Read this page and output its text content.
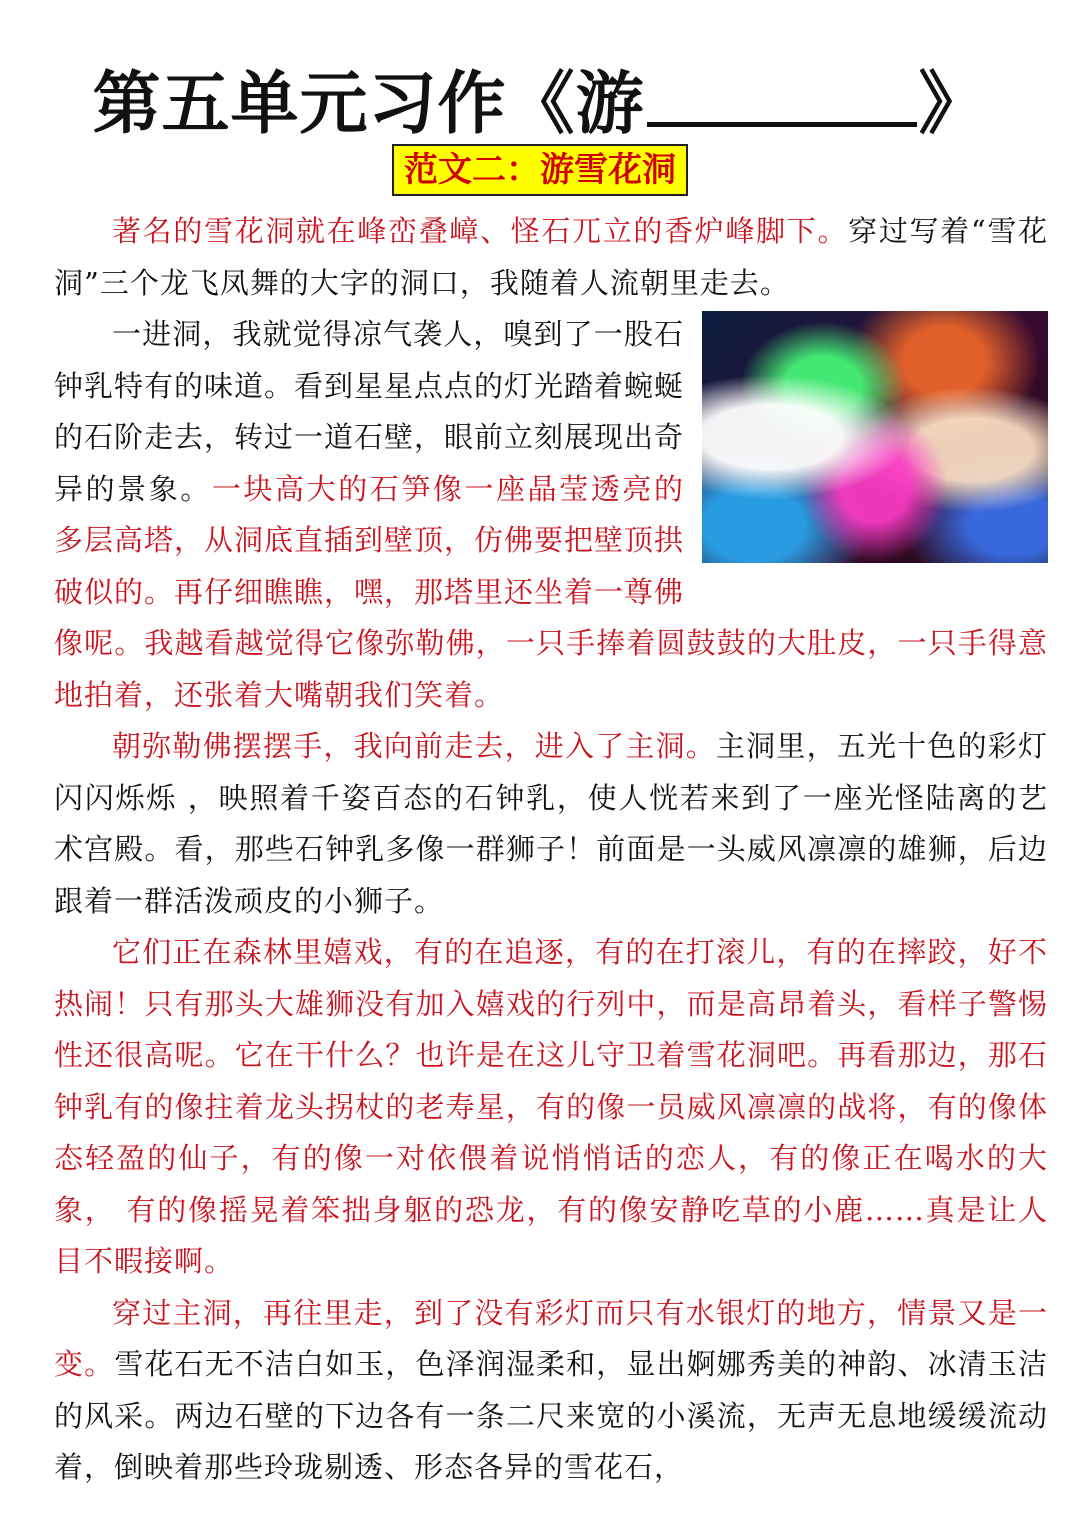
第五单元习作《游	》
范文二：游雪花洞

著名的雪花洞就在峰峦叠嶂、怪石兀立的香炉峰脚下。穿过写着“雪花洞”三个龙飞凤舞的大字的洞口，我随着人流朝里走去。

一进洞，我就觉得凉气袭人，嗅到了一股石钟乳特有的味道。看到星星点点的灯光踏着蜿蜒的石阶走去，转过一道石壁，眼前立刻展现出奇异的景象。一块高大的石笋像一座晶莹透亮的多层高塔，从洞底直插到壁顶，仿佛要把壁顶拱破似的。再仔细瞧瞧，嘿，那塔里还坐着一尊佛像呢。我越看越觉得它像弥勒佛，一只手捧着圆鼓鼓的大肚皮，一只手得意地拍着，还张着大嘴朝我们笑着。

朝弥勒佛摆摆手，我向前走去，进入了主洞。主洞里，五光十色的彩灯闪闪烁烁 ，映照着千姿百态的石钟乳，使人恍若来到了一座光怪陆离的艺术宫殿。看，那些石钟乳多像一群狮子！前面是一头威风凛凛的雄狮，后边跟着一群活泼顽皮的小狮子。

它们正在森林里嬉戏，有的在追逐，有的在打滚儿，有的在摔跤，好不热闹！只有那头大雄狮没有加入嬉戏的行列中，而是高昂着头，看样子警惕性还很高呢。它在干什么？也许是在这儿守卫着雪花洞吧。再看那边，那石钟乳有的像拄着龙头拐杖的老寿星，有的像一员威风凛凛的战将，有的像体态轻盈的仙子，有的像一对依偎着说悄悄话的恋人，有的像正在喝水的大象， 有的像摇晃着笨拙身躯的恐龙，有的像安静吃草的小鹿……真是让人目不暇接啊。

穿过主洞，再往里走，到了没有彩灯而只有水银灯的地方，情景又是一变。雪花石无不洁白如玉，色泽润湿柔和，显出婀娜秀美的神韵、冰清玉洁的风采。两边石壁的下边各有一条二尺来宽的小溪流，无声无息地缓缓流动着，倒映着那些玲珑剔透、形态各异的雪花石，
